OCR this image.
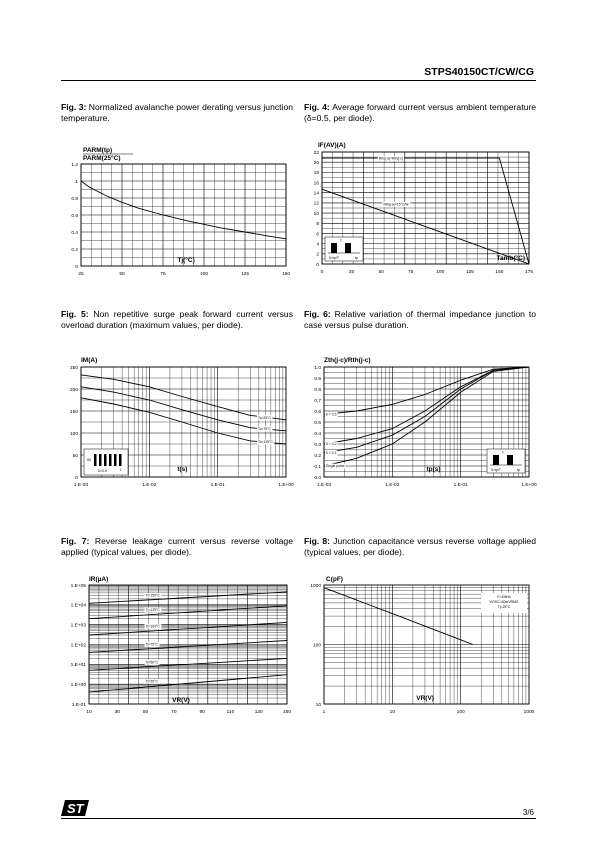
STPS40150CT/CW/CG
Fig. 3: Normalized avalanche power derating versus junction temperature.
Fig. 4: Average forward current versus ambient temperature (δ=0.5, per diode).
Fig. 5: Non repetitive surge peak forward current versus overload duration (maximum values, per diode).
Fig. 6: Relative variation of thermal impedance junction to case versus pulse duration.
Fig. 7: Reverse leakage current versus reverse voltage applied (typical values, per diode).
Fig. 8: Junction capacitance versus reverse voltage applied (typical values, per diode).
25	50	75	100	125	150
0
0.2
0.4
0.6
0.8
1
1.2
PARM(tp)
PARM(25°C)
Tj(°C)
0	25	50	75	100	125	150	175
0
2
4
6
8
10
12
14
16
18
20
22
IF(AV)(A)
Tamb(°C)
Rth(j-a)=Rth(j-c)
Rth(j-a)=15°C/W
T
δ=tp/T	tp
1.E-03	1.E-02	1.E-01	1.E+00
0
50
100
150
200
250
IM(A)
t(s)
Tc=25°C
Tc=75°C
Tc=125°C
IM
t
δ=0.5
1.E-03	1.E-02	1.E-01	1.E+00
0.0
0.1
0.2
0.3
0.4
0.5
0.6
0.7
0.8
0.9
1.0
Zth(j-c)/Rth(j-c)
tp(s)
δ = 0.5
δ = 0.2
δ = 0.1
Single pulse
T
δ=tp/T	tp
10	30	50	70	90	110	130	150
1.E-01
1.E+00
1.E+01
1.E+02
1.E+03
1.E+04
1.E+05
IR(µA)
VR(V)
Tj=150°C
Tj=125°C
Tj=100°C
Tj=75°C
Tj=50°C
Tj=25°C
1	10	100	1000
10
100
1000
C(pF)
VR(V)
F=1MHz
VOSC=30mVRMS
Tj=25°C
ST	3/6
